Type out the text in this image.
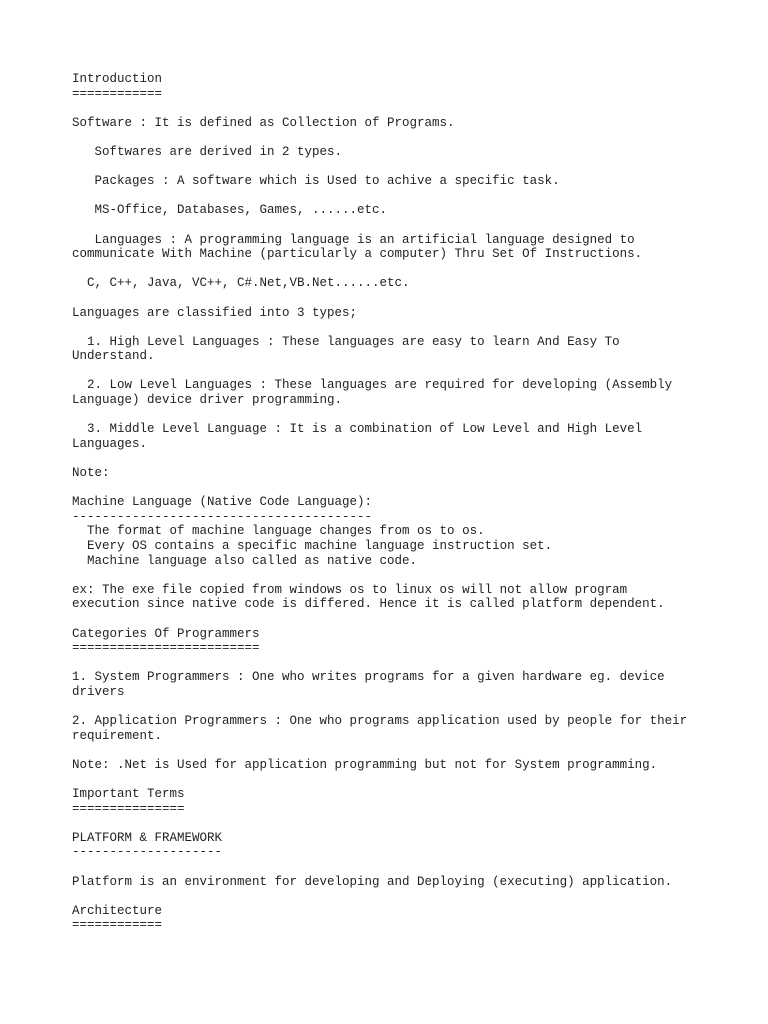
Introduction
============
Software : It is defined as Collection of Programs.
Softwares are derived in 2 types.
Packages : A software which is Used to achive a specific task.
MS-Office, Databases, Games, ......etc.
Languages : A programming language is an artificial language designed to
communicate With Machine (particularly a computer) Thru Set Of Instructions.
C, C++, Java, VC++, C#.Net,VB.Net......etc.
Languages are classified into 3 types;
1. High Level Languages : These languages are easy to learn And Easy To
Understand.
2. Low Level Languages : These languages are required for developing (Assembly
Language) device driver programming.
3. Middle Level Language : It is a combination of Low Level and High Level
Languages.
Note:
Machine Language (Native Code Language):
----------------------------------------
The format of machine language changes from os to os.
Every OS contains a specific machine language instruction set.
Machine language also called as native code.
ex: The exe file copied from windows os to linux os will not allow program
execution since native code is differed. Hence it is called platform dependent.
Categories Of Programmers
=========================
1. System Programmers : One who writes programs for a given hardware eg. device
drivers
2. Application Programmers : One who programs application used by people for their
requirement.
Note: .Net is Used for application programming but not for System programming.
Important Terms
===============
PLATFORM & FRAMEWORK
--------------------
Platform is an environment for developing and Deploying (executing) application.
Architecture
============
